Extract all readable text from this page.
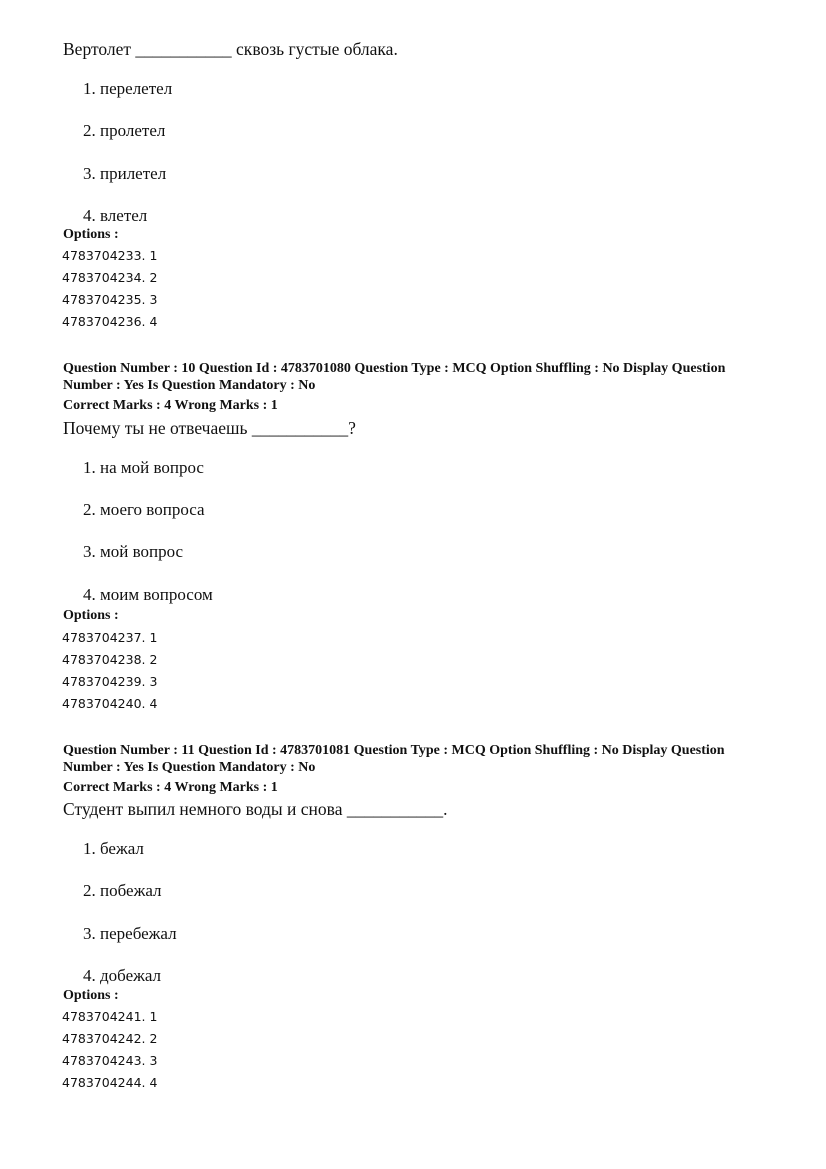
Вертолет ___________ сквозь густые облака.
1. перелетел
2. пролетел
3. прилетел
4. влетел
Options :
4783704233. 1
4783704234. 2
4783704235. 3
4783704236. 4
Question Number : 10 Question Id : 4783701080 Question Type : MCQ Option Shuffling : No Display Question
Number : Yes Is Question Mandatory : No
Correct Marks : 4 Wrong Marks : 1
Почему ты не отвечаешь ___________?
1. на мой вопрос
2. моего вопроса
3. мой вопрос
4. моим вопросом
Options :
4783704237. 1
4783704238. 2
4783704239. 3
4783704240. 4
Question Number : 11 Question Id : 4783701081 Question Type : MCQ Option Shuffling : No Display Question
Number : Yes Is Question Mandatory : No
Correct Marks : 4 Wrong Marks : 1
Студент выпил немного воды и снова ___________.
1. бежал
2. побежал
3. перебежал
4. добежал
Options :
4783704241. 1
4783704242. 2
4783704243. 3
4783704244. 4
